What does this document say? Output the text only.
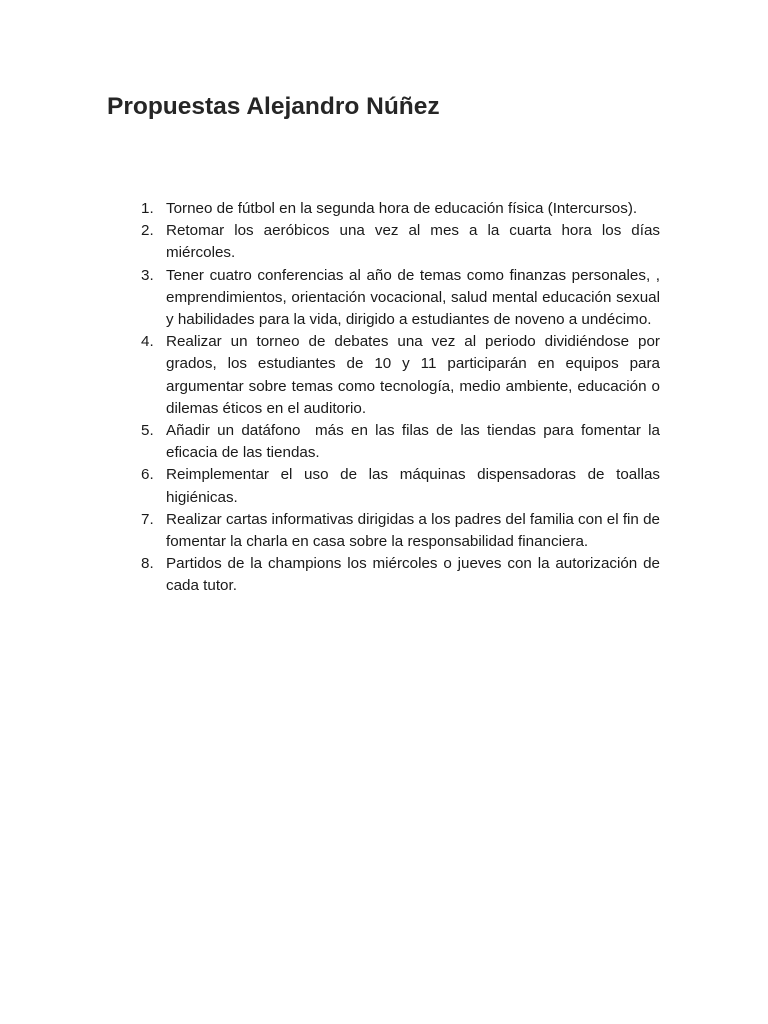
Propuestas Alejandro Núñez
1. Torneo de fútbol en la segunda hora de educación física (Intercursos).
2. Retomar los aeróbicos una vez al mes a la cuarta hora los días miércoles.
3. Tener cuatro conferencias al año de temas como finanzas personales, , emprendimientos, orientación vocacional, salud mental educación sexual y habilidades para la vida, dirigido a estudiantes de noveno a undécimo.
4. Realizar un torneo de debates una vez al periodo dividiéndose por grados, los estudiantes de 10 y 11 participarán en equipos para argumentar sobre temas como tecnología, medio ambiente, educación o dilemas éticos en el auditorio.
5. Añadir un datáfono  más en las filas de las tiendas para fomentar la eficacia de las tiendas.
6. Reimplementar el uso de las máquinas dispensadoras de toallas higiénicas.
7. Realizar cartas informativas dirigidas a los padres del familia con el fin de fomentar la charla en casa sobre la responsabilidad financiera.
8. Partidos de la champions los miércoles o jueves con la autorización de cada tutor.
